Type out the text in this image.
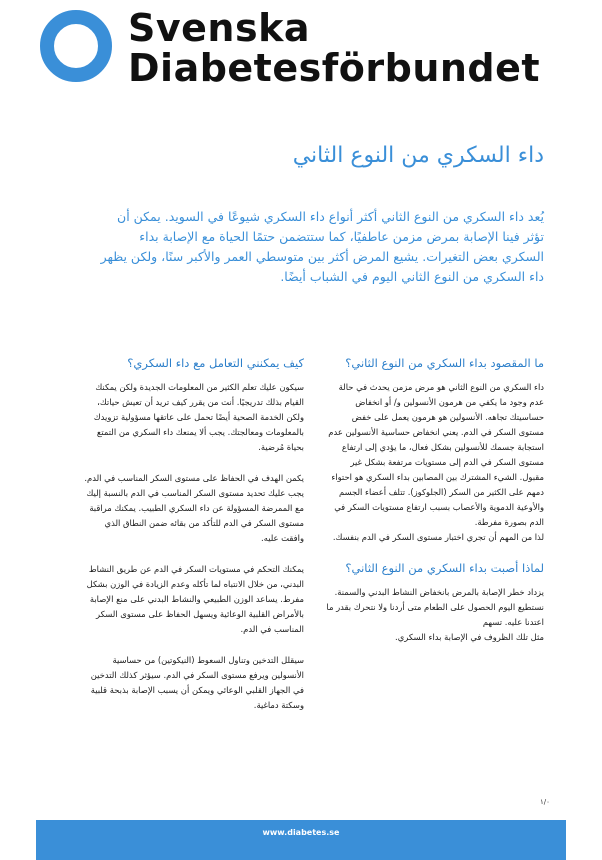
Svenska
Diabetesförbundet
داء السكري من النوع الثاني
يُعد داء السكري من النوع الثاني أكثر أنواع داء السكري شيوعًا في السويد. يمكن أن تؤثر فينا الإصابة بمرض مزمن عاطفيًا، كما ستتضمن حتمًا الحياة مع الإصابة بداء السكري بعض التغيرات. يشيع المرض أكثر بين متوسطي العمر والأكبر سنًا، ولكن يظهر داء السكري من النوع الثاني اليوم في الشباب أيضًا.
ما المقصود بداء السكري من النوع الثاني؟

داء السكري من النوع الثاني هو مرض مزمن يحدث في حالة عدم وجود ما يكفي من هرمون الأنسولين و/ أو انخفاض حساسيتك تجاهه. الأنسولين هو هرمون يعمل على خفض مستوى السكر في الدم. يعني انخفاض حساسية الأنسولين عدم استجابة جسمك للأنسولين بشكل فعال، ما يؤدي إلى ارتفاع مستوى السكر في الدم إلى مستويات مرتفعة بشكل غير مقبول. الشيء المشترك بين المصابين بداء السكري هو احتواء دمهم على الكثير من السكر (الجلوكوز). تتلف أعضاء الجسم والأوعية الدموية والأعصاب بسبب ارتفاع مستويات السكر في الدم بصورة مفرطة.
لذا من المهم أن تجري اختبار مستوى السكر في الدم بنفسك.

لماذا أصبت بداء السكري من النوع الثاني؟

يزداد خطر الإصابة بالمرض بانخفاض النشاط البدني والسمنة. نستطيع اليوم الحصول على الطعام متى أردنا ولا نتحرك بقدر ما اعتدنا عليه. تسهم
مثل تلك الظروف في الإصابة بداء السكري.

كيف يمكنني التعامل مع داء السكري؟

سيكون عليك تعلم الكثير من المعلومات الجديدة ولكن يمكنك القيام بذلك تدريجيًا. أنت من يقرر كيف تريد أن تعيش حياتك، ولكن الخدمة الصحية أيضًا تحمل على عاتقها مسؤولية تزويدك بالمعلومات ومعالجتك. يجب ألا يمنعك داء السكري من التمتع بحياة مُرضية.

يكمن الهدف في الحفاظ على مستوى السكر المناسب في الدم. يجب عليك تحديد مستوى السكر المناسب في الدم بالنسبة إليك مع الممرضة المسؤولة عن داء السكري الطبيب. يمكنك مراقبة مستوى السكر في الدم للتأكد من بقائه ضمن النطاق الذي وافقت عليه.

يمكنك التحكم في مستويات السكر في الدم عن طريق النشاط البدني، من خلال الانتباه لما تأكله وعدم الزيادة في الوزن بشكل مفرط. يساعد الوزن الطبيعي والنشاط البدني على منع الإصابة بالأمراض القلبية الوعائية ويسهل الحفاظ على مستوى السكر المناسب في الدم.

سيقلل التدخين وتناول السعوط (النيكوتين) من حساسية الأنسولين ويرفع مستوى السكر في الدم. سيؤثر كذلك التدخين في الجهاز القلبي الوعائي ويمكن أن يسبب الإصابة بذبحة قلبية وسكتة دماغية.

١/٠
www.diabetes.se
